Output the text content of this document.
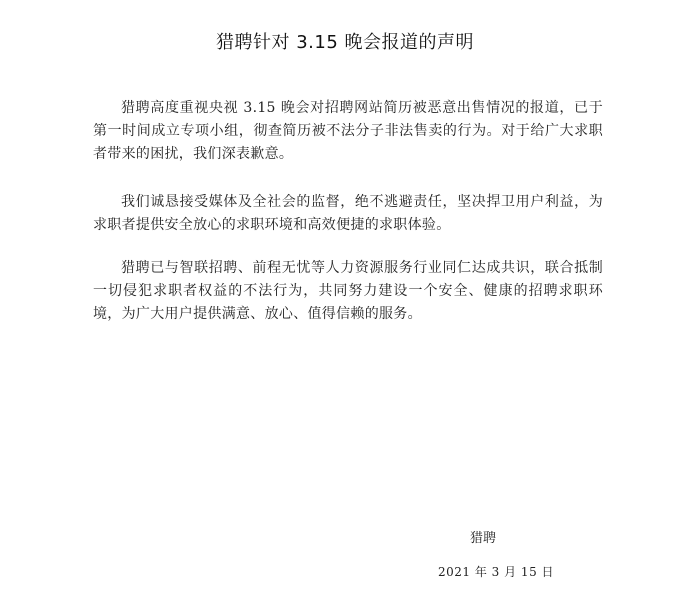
猎聘针对 3.15 晚会报道的声明

猎聘高度重视央视 3.15 晚会对招聘网站简历被恶意出售情况的报道，已于第一时间成立专项小组，彻查简历被不法分子非法售卖的行为。对于给广大求职者带来的困扰，我们深表歉意。

我们诚恳接受媒体及全社会的监督，绝不逃避责任，坚决捍卫用户利益，为求职者提供安全放心的求职环境和高效便捷的求职体验。

猎聘已与智联招聘、前程无忧等人力资源服务行业同仁达成共识，联合抵制一切侵犯求职者权益的不法行为，共同努力建设一个安全、健康的招聘求职环境，为广大用户提供满意、放心、值得信赖的服务。

猎聘

2021 年 3 月 15 日
